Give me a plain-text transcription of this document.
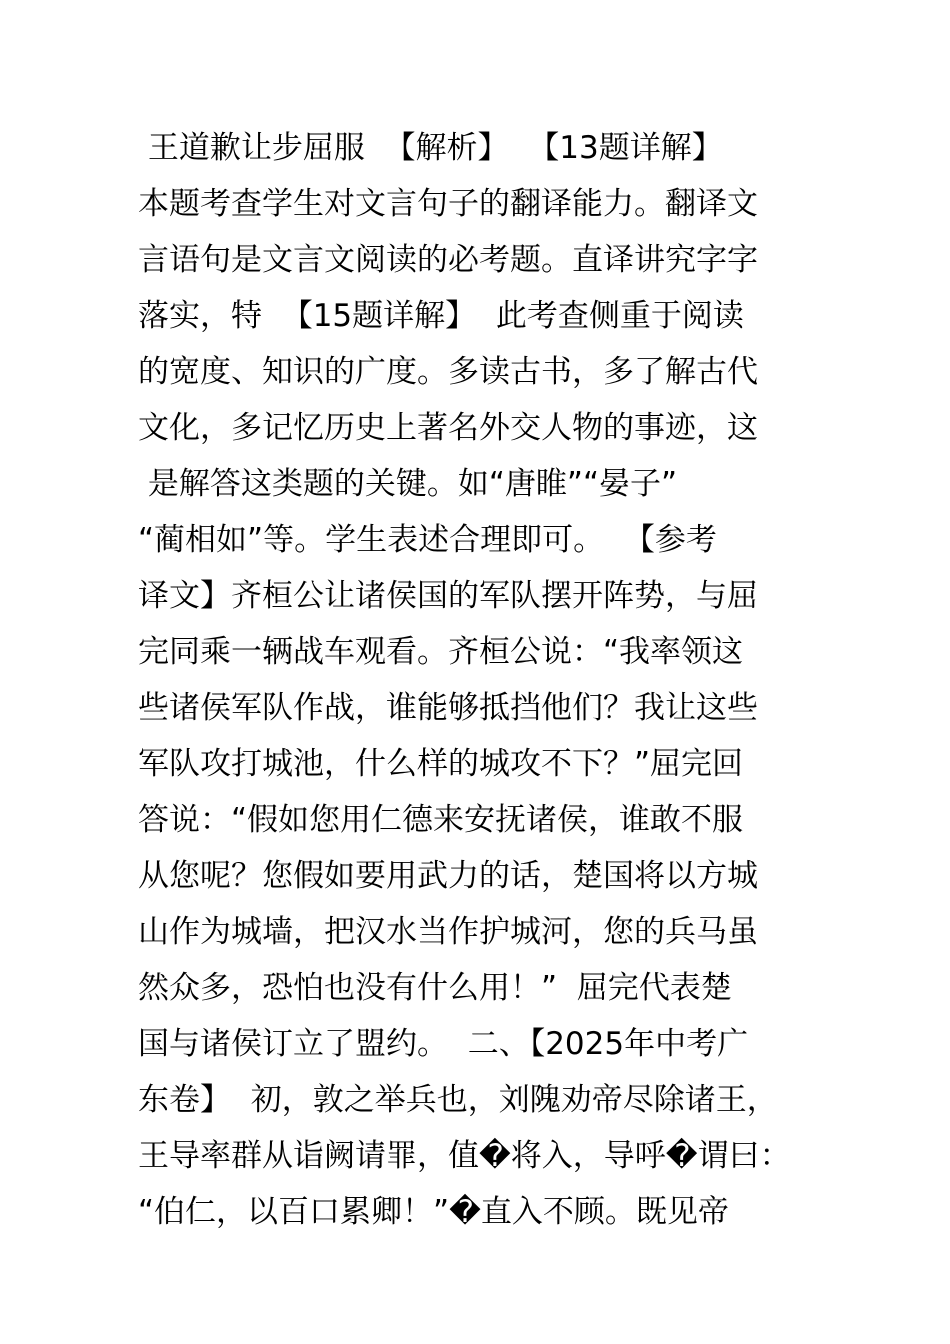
王道歉让步屈服  【解析】  【13题详解】
本题考查学生对文言句子的翻译能力。翻译文
言语句是文言文阅读的必考题。直译讲究字字
落实，特  【15题详解】  此考查侧重于阅读
的宽度、知识的广度。多读古书，多了解古代
文化，多记忆历史上著名外交人物的事迹，这
是解答这类题的关键。如“唐睢”“晏子”
“蔺相如”等。学生表述合理即可。  【参考
译文】齐桓公让诸侯国的军队摆开阵势，与屈
完同乘一辆战车观看。齐桓公说：“我率领这
些诸侯军队作战，谁能够抵挡他们？我让这些
军队攻打城池，什么样的城攻不下？”屈完回
答说：“假如您用仁德来安抚诸侯，谁敢不服
从您呢？您假如要用武力的话，楚国将以方城
山作为城墙，把汉水当作护城河，您的兵马虽
然众多，恐怕也没有什么用！”  屈完代表楚
国与诸侯订立了盟约。  二、【2025年中考广
东卷】  初，敦之举兵也，刘隗劝帝尽除诸王，
王导率群从诣阙请罪，值�将入，导呼�谓曰：
“伯仁，以百口累卿！”�直入不顾。既见帝
